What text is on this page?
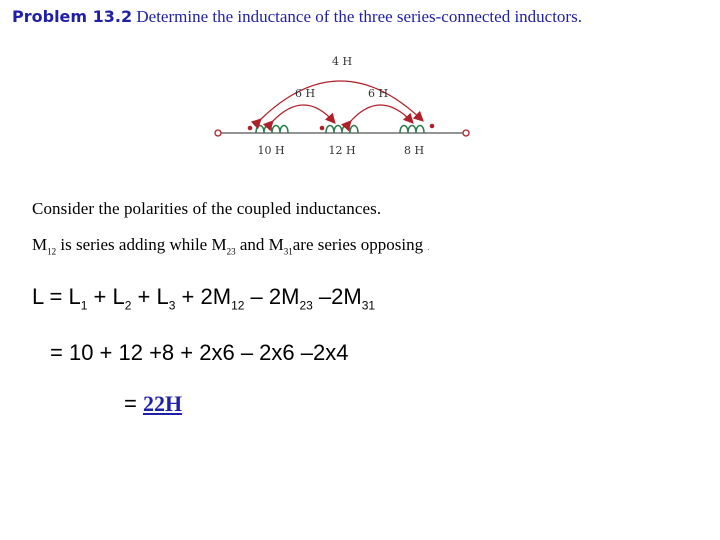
Problem 13.2 Determine the inductance of the three series-connected inductors.
4 H
6 H	6 H
10 H	12 H	8 H
Consider the polarities of the coupled inductances.
$M_{12}$ is series adding while $M_{23}$ and $M_{31}are$ series opposing .
$L = L_1 + L_2 + L_3 + 2M_{12} - 2M_{23}$ $-2M_{31}$
= 10 + 12 +8 + 2x6 – 2x6 –2x4
= 22H
